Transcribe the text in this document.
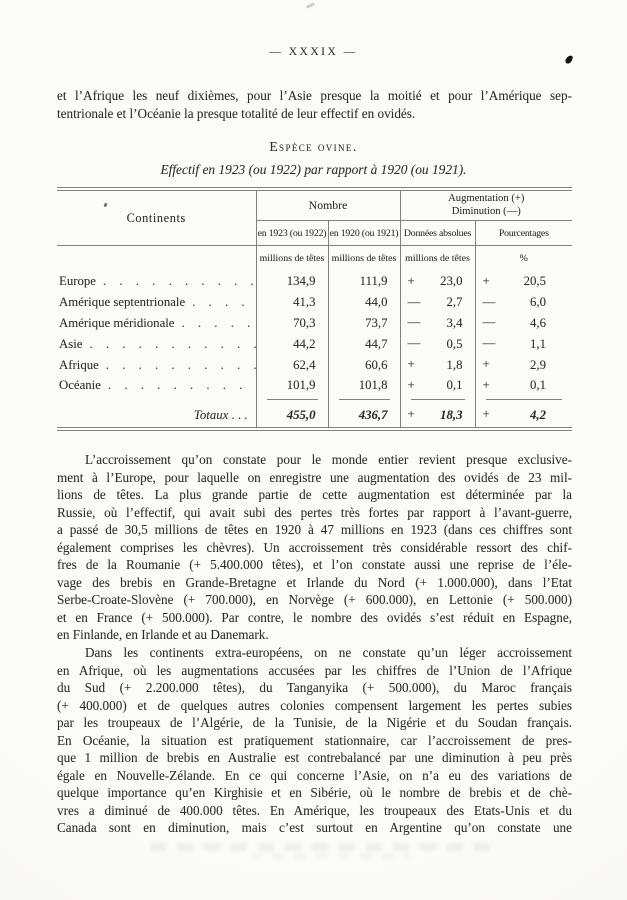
— XXXIX —
et l’Afrique les neuf dixièmes, pour l’Asie presque la moitié et pour l’Amérique sep-
tentrionale et l’Océanie la presque totalité de leur effectif en ovidés.
Espèce ovine.
Effectif en 1923 (ou 1922) par rapport à 1920 (ou 1921).
Continents	Nombre		Augmentation (+)
Diminution (—)	

	en 1923 (ou 1922)	en 1920 (ou 1921)	Données absolues	Pourcentages
	millions de têtes	millions de têtes	millions de têtes	%
Europe . . .	134,9	111,9	+ 23,0	+ 20,5

Amérique septentrionale . . .	41,3	44,0	— 2,7	— 6,0

Amérique méridionale . . .	70,3	73,7	— 3,4	— 4,6

Asie . . .	44,2	44,7	— 0,5	— 1,1

Afrique . . .	62,4	60,6	+ 1,8	+ 2,9

Océanie . . .	101,9	101,8	+ 0,1	+ 0,1

Totaux . . .	455,0	436,7	+ 18,3	+ 4,2
L’accroissement qu’on constate pour le monde entier revient presque exclusive-
ment à l’Europe, pour laquelle on enregistre une augmentation des ovidés de 23 mil-
lions de têtes. La plus grande partie de cette augmentation est déterminée par la
Russie, où l’effectif, qui avait subi des pertes très fortes par rapport à l’avant-guerre,
a passé de 30,5 millions de têtes en 1920 à 47 millions en 1923 (dans ces chiffres sont
également comprises les chèvres). Un accroissement très considérable ressort des chif-
fres de la Roumanie (+ 5.400.000 têtes), et l’on constate aussi une reprise de l’éle-
vage des brebis en Grande-Bretagne et Irlande du Nord (+ 1.000.000), dans l’Etat
Serbe-Croate-Slovène (+ 700.000), en Norvège (+ 600.000), en Lettonie (+ 500.000)
et en France (+ 500.000). Par contre, le nombre des ovidés s’est réduit en Espagne,
en Finlande, en Irlande et au Danemark.
Dans les continents extra-européens, on ne constate qu’un léger accroissement
en Afrique, où les augmentations accusées par les chiffres de l’Union de l’Afrique
du Sud (+ 2.200.000 têtes), du Tanganyika (+ 500.000), du Maroc français
(+ 400.000) et de quelques autres colonies compensent largement les pertes subies
par les troupeaux de l’Algérie, de la Tunisie, de la Nigérie et du Soudan français.
En Océanie, la situation est pratiquement stationnaire, car l’accroissement de pres-
que 1 million de brebis en Australie est contrebalancé par une diminution à peu près
égale en Nouvelle-Zélande. En ce qui concerne l’Asie, on n’a eu des variations de
quelque importance qu’en Kirghisie et en Sibérie, où le nombre de brebis et de chè-
vres a diminué de 400.000 têtes. En Amérique, les troupeaux des Etats-Unis et du
Canada sont en diminution, mais c’est surtout en Argentine qu’on constate une
